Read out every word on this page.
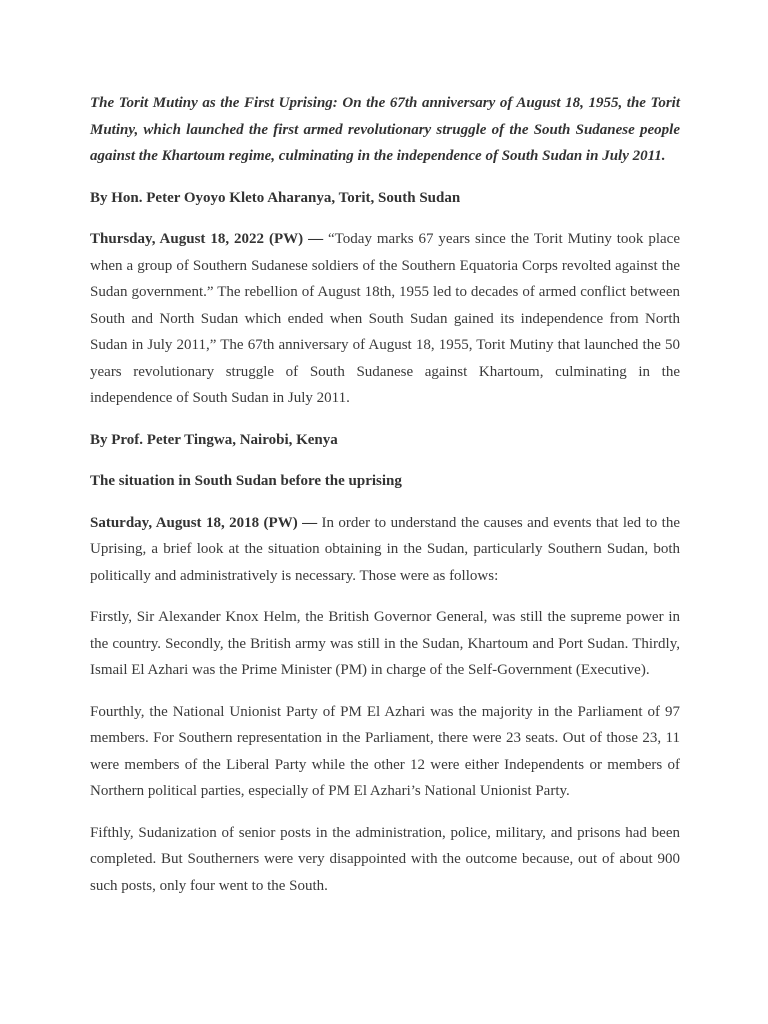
The Torit Mutiny as the First Uprising: On the 67th anniversary of August 18, 1955, the Torit Mutiny, which launched the first armed revolutionary struggle of the South Sudanese people against the Khartoum regime, culminating in the independence of South Sudan in July 2011.

By Hon. Peter Oyoyo Kleto Aharanya, Torit, South Sudan

Thursday, August 18, 2022 (PW) — “Today marks 67 years since the Torit Mutiny took place when a group of Southern Sudanese soldiers of the Southern Equatoria Corps revolted against the Sudan government.” The rebellion of August 18th, 1955 led to decades of armed conflict between South and North Sudan which ended when South Sudan gained its independence from North Sudan in July 2011,” The 67th anniversary of August 18, 1955, Torit Mutiny that launched the 50 years revolutionary struggle of South Sudanese against Khartoum, culminating in the independence of South Sudan in July 2011.

By Prof. Peter Tingwa, Nairobi, Kenya

The situation in South Sudan before the uprising

Saturday, August 18, 2018 (PW) — In order to understand the causes and events that led to the Uprising, a brief look at the situation obtaining in the Sudan, particularly Southern Sudan, both politically and administratively is necessary. Those were as follows:

Firstly, Sir Alexander Knox Helm, the British Governor General, was still the supreme power in the country. Secondly, the British army was still in the Sudan, Khartoum and Port Sudan. Thirdly, Ismail El Azhari was the Prime Minister (PM) in charge of the Self-Government (Executive).

Fourthly, the National Unionist Party of PM El Azhari was the majority in the Parliament of 97 members. For Southern representation in the Parliament, there were 23 seats. Out of those 23, 11 were members of the Liberal Party while the other 12 were either Independents or members of Northern political parties, especially of PM El Azhari’s National Unionist Party.

Fifthly, Sudanization of senior posts in the administration, police, military, and prisons had been completed. But Southerners were very disappointed with the outcome because, out of about 900 such posts, only four went to the South.
